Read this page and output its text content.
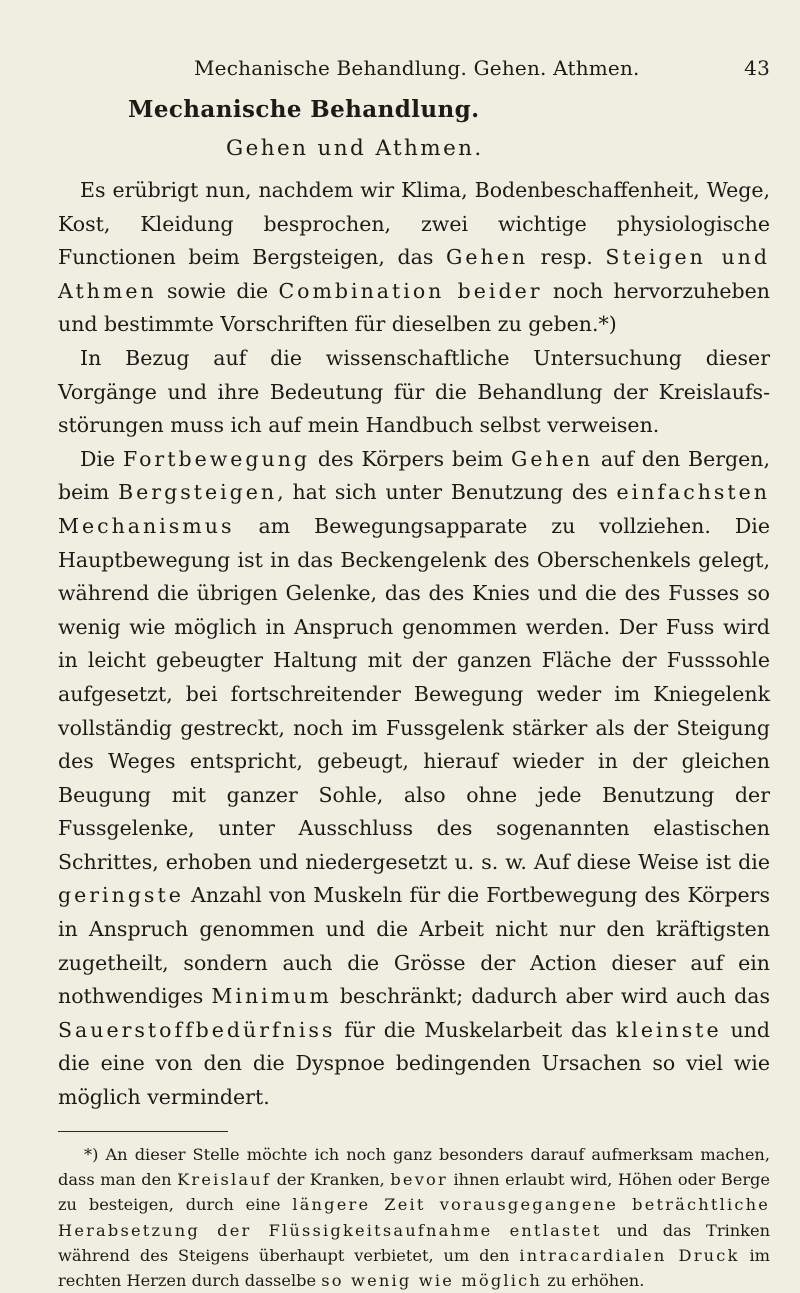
Mechanische Behandlung. Gehen. Athmen.	43
Mechanische Behandlung.
Gehen und Athmen.

Es erübrigt nun, nachdem wir Klima, Bodenbeschaffenheit, Wege, Kost, Kleidung besprochen, zwei wichtige physiologische Functionen beim Bergsteigen, das Gehen resp. Steigen und Athmen sowie die Combination beider noch hervorzuheben und bestimmte Vorschriften für dieselben zu geben.*)

In Bezug auf die wissenschaftliche Untersuchung dieser Vorgänge und ihre Bedeutung für die Behandlung der Kreislaufs-störungen muss ich auf mein Handbuch selbst verweisen.

Die Fortbewegung des Körpers beim Gehen auf den Bergen, beim Bergsteigen, hat sich unter Benutzung des einfachsten Mechanismus am Bewegungsapparate zu vollziehen. Die Hauptbewegung ist in das Beckengelenk des Oberschenkels gelegt, während die übrigen Gelenke, das des Knies und die des Fusses so wenig wie möglich in Anspruch genommen werden. Der Fuss wird in leicht gebeugter Haltung mit der ganzen Fläche der Fusssohle aufgesetzt, bei fortschreitender Bewegung weder im Kniegelenk vollständig gestreckt, noch im Fussgelenk stärker als der Steigung des Weges entspricht, gebeugt, hierauf wieder in der gleichen Beugung mit ganzer Sohle, also ohne jede Benutzung der Fussgelenke, unter Ausschluss des sogenannten elastischen Schrittes, erhoben und niedergesetzt u. s. w. Auf diese Weise ist die geringste Anzahl von Muskeln für die Fortbewegung des Körpers in Anspruch genommen und die Arbeit nicht nur den kräftigsten zugetheilt, sondern auch die Grösse der Action dieser auf ein nothwendiges Minimum beschränkt; dadurch aber wird auch das Sauerstoffbedürfniss für die Muskelarbeit das kleinste und die eine von den die Dyspnoe bedingenden Ursachen so viel wie möglich vermindert.

*) An dieser Stelle möchte ich noch ganz besonders darauf aufmerksam machen, dass man den Kreislauf der Kranken, bevor ihnen erlaubt wird, Höhen oder Berge zu besteigen, durch eine längere Zeit vorausgegangene beträchtliche Herabsetzung der Flüssigkeitsaufnahme entlastet und das Trinken während des Steigens überhaupt verbietet, um den intracardialen Druck im rechten Herzen durch dasselbe so wenig wie möglich zu erhöhen.
